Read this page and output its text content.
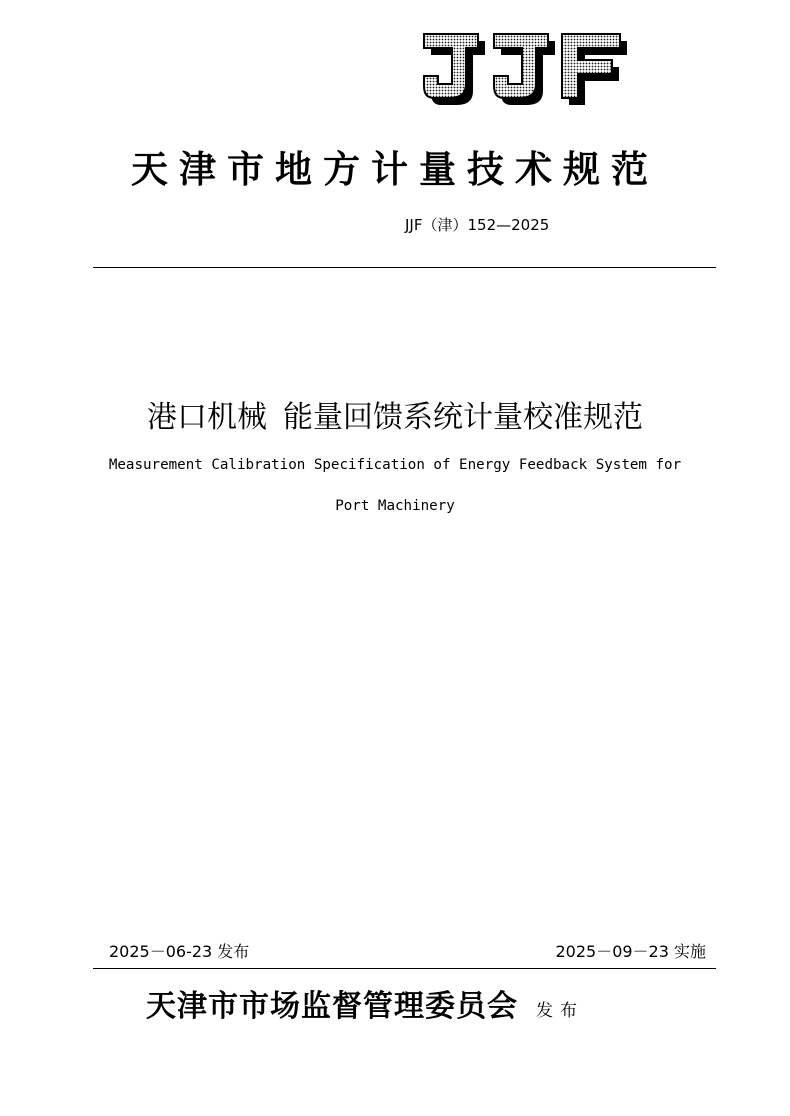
天津市地方计量技术规范
JJF（津）152—2025
港口机械 能量回馈系统计量校准规范
Measurement Calibration Specification of Energy Feedback System for
Port Machinery
2025－06-23 发布	2025－09－23 实施
天津市市场监督管理委员会 发布
